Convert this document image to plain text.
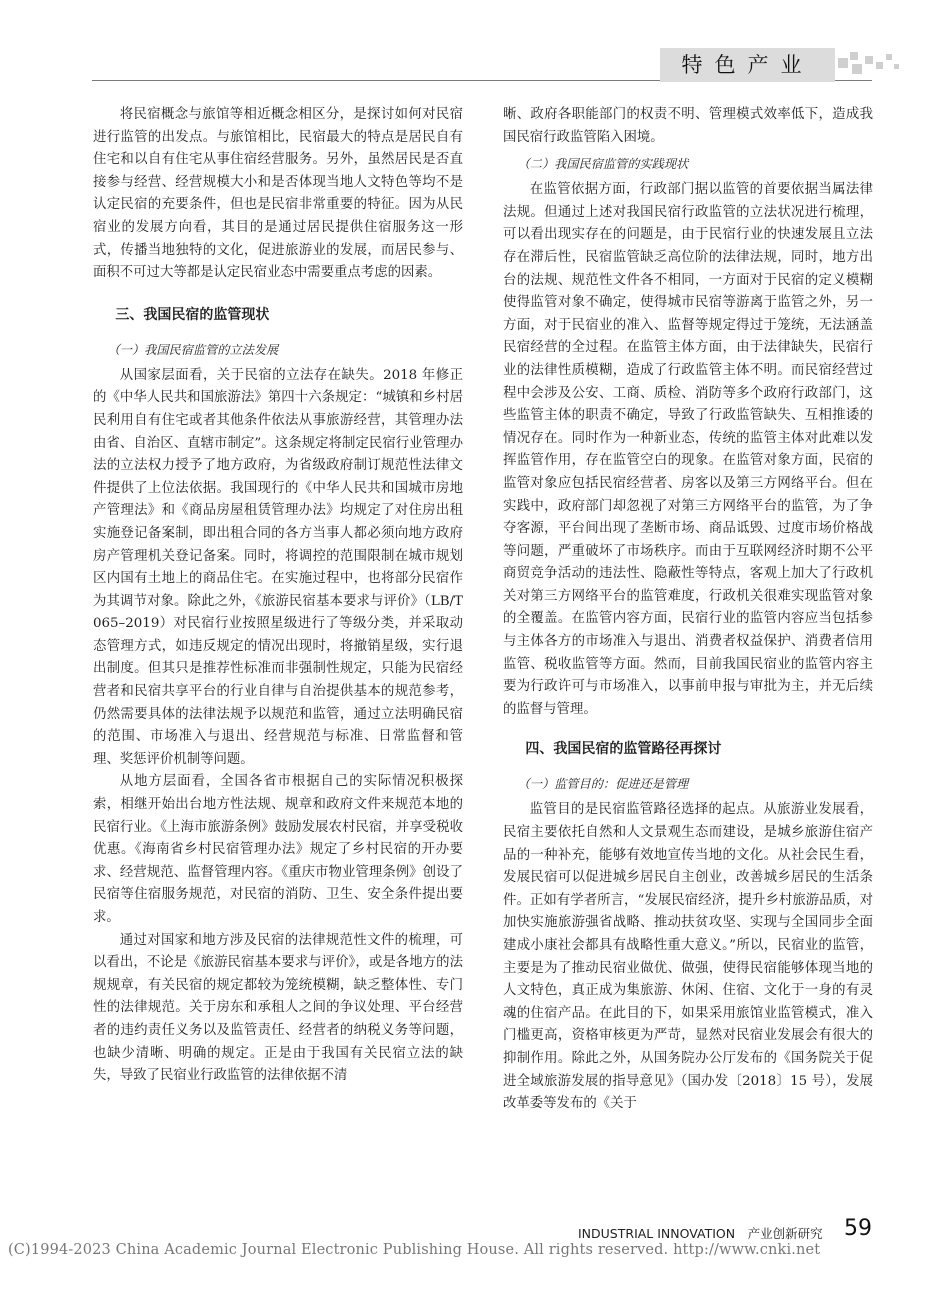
特色产业

将民宿概念与旅馆等相近概念相区分，是探讨如何对民宿进行监管的出发点。与旅馆相比，民宿最大的特点是居民自有住宅和以自有住宅从事住宿经营服务。另外，虽然居民是否直接参与经营、经营规模大小和是否体现当地人文特色等均不是认定民宿的充要条件，但也是民宿非常重要的特征。因为从民宿业的发展方向看，其目的是通过居民提供住宿服务这一形式，传播当地独特的文化，促进旅游业的发展，而居民参与、面积不可过大等都是认定民宿业态中需要重点考虑的因素。

三、我国民宿的监管现状
（一）我国民宿监管的立法发展

从国家层面看，关于民宿的立法存在缺失。2018 年修正的《中华人民共和国旅游法》第四十六条规定：“城镇和乡村居民利用自有住宅或者其他条件依法从事旅游经营，其管理办法由省、自治区、直辖市制定”。这条规定将制定民宿行业管理办法的立法权力授予了地方政府，为省级政府制订规范性法律文件提供了上位法依据。我国现行的《中华人民共和国城市房地产管理法》和《商品房屋租赁管理办法》均规定了对住房出租实施登记备案制，即出租合同的各方当事人都必须向地方政府房产管理机关登记备案。同时，将调控的范围限制在城市规划区内国有土地上的商品住宅。在实施过程中，也将部分民宿作为其调节对象。除此之外，《旅游民宿基本要求与评价》（LB/T 065–2019）对民宿行业按照星级进行了等级分类，并采取动态管理方式，如违反规定的情况出现时，将撤销星级，实行退出制度。但其只是推荐性标准而非强制性规定，只能为民宿经营者和民宿共享平台的行业自律与自治提供基本的规范参考，仍然需要具体的法律法规予以规范和监管，通过立法明确民宿的范围、市场准入与退出、经营规范与标准、日常监督和管理、奖惩评价机制等问题。

从地方层面看，全国各省市根据自己的实际情况积极探索，相继开始出台地方性法规、规章和政府文件来规范本地的民宿行业。《上海市旅游条例》鼓励发展农村民宿，并享受税收优惠。《海南省乡村民宿管理办法》规定了乡村民宿的开办要求、经营规范、监督管理内容。《重庆市物业管理条例》创设了民宿等住宿服务规范，对民宿的消防、卫生、安全条件提出要求。

通过对国家和地方涉及民宿的法律规范性文件的梳理，可以看出，不论是《旅游民宿基本要求与评价》，或是各地方的法规规章，有关民宿的规定都较为笼统模糊，缺乏整体性、专门性的法律规范。关于房东和承租人之间的争议处理、平台经营者的违约责任义务以及监管责任、经营者的纳税义务等问题，也缺少清晰、明确的规定。正是由于我国有关民宿立法的缺失，导致了民宿业行政监管的法律依据不清

晰、政府各职能部门的权责不明、管理模式效率低下，造成我国民宿行政监管陷入困境。

（二）我国民宿监管的实践现状

在监管依据方面，行政部门据以监管的首要依据当属法律法规。但通过上述对我国民宿行政监管的立法状况进行梳理，可以看出现实存在的问题是，由于民宿行业的快速发展且立法存在滞后性，民宿监管缺乏高位阶的法律法规，同时，地方出台的法规、规范性文件各不相同，一方面对于民宿的定义模糊使得监管对象不确定，使得城市民宿等游离于监管之外，另一方面，对于民宿业的准入、监督等规定得过于笼统，无法涵盖民宿经营的全过程。在监管主体方面，由于法律缺失，民宿行业的法律性质模糊，造成了行政监管主体不明。而民宿经营过程中会涉及公安、工商、质检、消防等多个政府行政部门，这些监管主体的职责不确定，导致了行政监管缺失、互相推诿的情况存在。同时作为一种新业态，传统的监管主体对此难以发挥监管作用，存在监管空白的现象。在监管对象方面，民宿的监管对象应包括民宿经营者、房客以及第三方网络平台。但在实践中，政府部门却忽视了对第三方网络平台的监管，为了争夺客源，平台间出现了垄断市场、商品诋毁、过度市场价格战等问题，严重破坏了市场秩序。而由于互联网经济时期不公平商贸竞争活动的违法性、隐蔽性等特点，客观上加大了行政机关对第三方网络平台的监管难度，行政机关很难实现监管对象的全覆盖。在监管内容方面，民宿行业的监管内容应当包括参与主体各方的市场准入与退出、消费者权益保护、消费者信用监管、税收监管等方面。然而，目前我国民宿业的监管内容主要为行政许可与市场准入，以事前申报与审批为主，并无后续的监督与管理。

四、我国民宿的监管路径再探讨
（一）监管目的：促进还是管理

监管目的是民宿监管路径选择的起点。从旅游业发展看，民宿主要依托自然和人文景观生态而建设，是城乡旅游住宿产品的一种补充，能够有效地宣传当地的文化。从社会民生看，发展民宿可以促进城乡居民自主创业，改善城乡居民的生活条件。正如有学者所言，“发展民宿经济，提升乡村旅游品质，对加快实施旅游强省战略、推动扶贫攻坚、实现与全国同步全面建成小康社会都具有战略性重大意义。”所以，民宿业的监管，主要是为了推动民宿业做优、做强，使得民宿能够体现当地的人文特色，真正成为集旅游、休闲、住宿、文化于一身的有灵魂的住宿产品。在此目的下，如果采用旅馆业监管模式，准入门槛更高，资格审核更为严苛，显然对民宿业发展会有很大的抑制作用。除此之外，从国务院办公厅发布的《国务院关于促进全域旅游发展的指导意见》（国办发〔2018〕15 号），发展改革委等发布的《关于

INDUSTRIAL INNOVATION　产业创新研究 59
(C)1994-2023 China Academic Journal Electronic Publishing House. All rights reserved. http://www.cnki.net
